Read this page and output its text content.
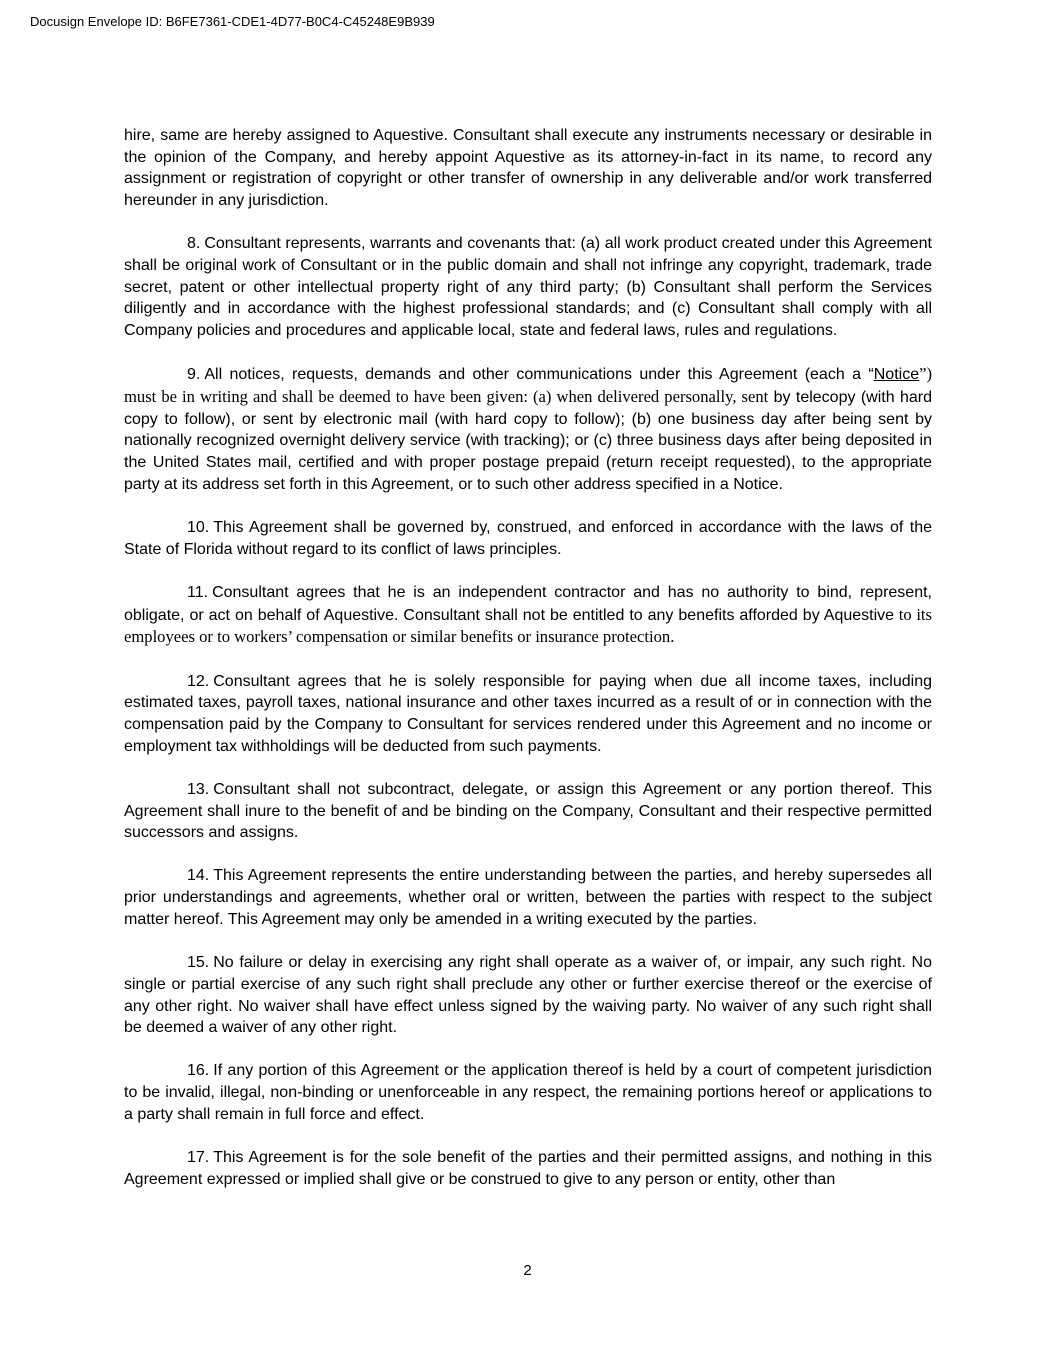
Docusign Envelope ID: B6FE7361-CDE1-4D77-B0C4-C45248E9B939

hire, same are hereby assigned to Aquestive. Consultant shall execute any instruments necessary or desirable in the opinion of the Company, and hereby appoint Aquestive as its attorney-in-fact in its name, to record any assignment or registration of copyright or other transfer of ownership in any deliverable and/or work transferred hereunder in any jurisdiction.

8. Consultant represents, warrants and covenants that: (a) all work product created under this Agreement shall be original work of Consultant or in the public domain and shall not infringe any copyright, trademark, trade secret, patent or other intellectual property right of any third party; (b) Consultant shall perform the Services diligently and in accordance with the highest professional standards; and (c) Consultant shall comply with all Company policies and procedures and applicable local, state and federal laws, rules and regulations.

9. All notices, requests, demands and other communications under this Agreement (each a “Notice”) must be in writing and shall be deemed to have been given: (a) when delivered personally, sent by telecopy (with hard copy to follow), or sent by electronic mail (with hard copy to follow); (b) one business day after being sent by nationally recognized overnight delivery service (with tracking); or (c) three business days after being deposited in the United States mail, certified and with proper postage prepaid (return receipt requested), to the appropriate party at its address set forth in this Agreement, or to such other address specified in a Notice.

10. This Agreement shall be governed by, construed, and enforced in accordance with the laws of the State of Florida without regard to its conflict of laws principles.

11. Consultant agrees that he is an independent contractor and has no authority to bind, represent, obligate, or act on behalf of Aquestive. Consultant shall not be entitled to any benefits afforded by Aquestive to its employees or to workers’ compensation or similar benefits or insurance protection.

12. Consultant agrees that he is solely responsible for paying when due all income taxes, including estimated taxes, payroll taxes, national insurance and other taxes incurred as a result of or in connection with the compensation paid by the Company to Consultant for services rendered under this Agreement and no income or employment tax withholdings will be deducted from such payments.

13. Consultant shall not subcontract, delegate, or assign this Agreement or any portion thereof. This Agreement shall inure to the benefit of and be binding on the Company, Consultant and their respective permitted successors and assigns.

14. This Agreement represents the entire understanding between the parties, and hereby supersedes all prior understandings and agreements, whether oral or written, between the parties with respect to the subject matter hereof. This Agreement may only be amended in a writing executed by the parties.

15. No failure or delay in exercising any right shall operate as a waiver of, or impair, any such right. No single or partial exercise of any such right shall preclude any other or further exercise thereof or the exercise of any other right. No waiver shall have effect unless signed by the waiving party. No waiver of any such right shall be deemed a waiver of any other right.

16. If any portion of this Agreement or the application thereof is held by a court of competent jurisdiction to be invalid, illegal, non-binding or unenforceable in any respect, the remaining portions hereof or applications to a party shall remain in full force and effect.

17. This Agreement is for the sole benefit of the parties and their permitted assigns, and nothing in this Agreement expressed or implied shall give or be construed to give to any person or entity, other than

2
